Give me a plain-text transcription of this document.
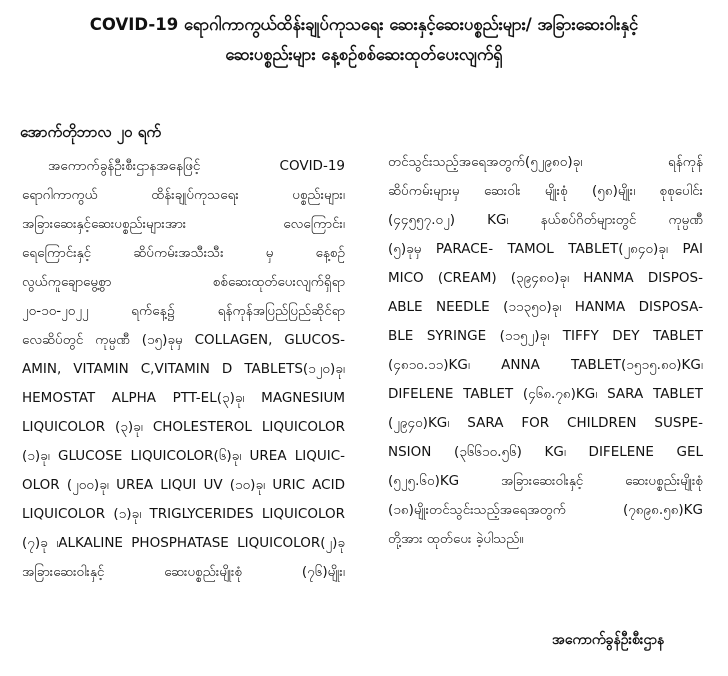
COVID-19 ရောဂါကာကွယ်ထိန်းချုပ်ကုသရေး ဆေးနှင့်ဆေးပစ္စည်းများ/ အခြားဆေးဝါးနှင့်
ဆေးပစ္စည်းများ နေ့စဉ်စစ်ဆေးထုတ်ပေးလျက်ရှိ
အောက်တိုဘာလ ၂၀ ရက်
အကောက်ခွန်ဦးစီးဌာနအနေဖြင့် COVID-19
ရောဂါကာကွယ် ထိန်းချုပ်ကုသရေး ပစ္စည်းများ၊
အခြားဆေးနှင့်ဆေးပစ္စည်းများအား လေကြောင်း၊
ရေကြောင်းနှင့် ဆိပ်ကမ်းအသီးသီး မှ နေ့စဉ်
လွယ်ကူချောမွေ့စွာ စစ်ဆေးထုတ်ပေးလျက်ရှိရာ
၂၀-၁၀-၂၀၂၂ ရက်နေ့၌ ရန်ကုန်အပြည်ပြည်ဆိုင်ရာ
လေဆိပ်တွင် ကုမ္ပဏီ (၁၅)ခုမှ COLLAGEN, GLUCOS-
AMIN, VITAMIN C,VITAMIN D TABLETS(၁၂၀)ခု၊
HEMOSTAT ALPHA PTT-EL(၃)ခု၊ MAGNESIUM
LIQUICOLOR (၃)ခု၊ CHOLESTEROL LIQUICOLOR
(၁)ခု၊ GLUCOSE LIQUICOLOR(၆)ခု၊ UREA LIQUIC-
OLOR (၂၀၀)ခု၊ UREA LIQUI UV (၁၀)ခု၊ URIC ACID
LIQUICOLOR (၁)ခု၊ TRIGLYCERIDES LIQUICOLOR
(၇)ခု ၊ALKALINE PHOSPHATASE LIQUICOLOR(၂)ခု
အခြားဆေးဝါးနှင့် ဆေးပစ္စည်းမျိုးစုံ (၇၆)မျိုး၊
တင်သွင်းသည့်အရေအတွက်(၅၂၉၈၀)ခု၊ ရန်ကုန်
ဆိပ်ကမ်းများမှ ဆေးဝါး မျိုးစုံ (၅၈)မျိုး၊ စုစုပေါင်း
(၄၄၅၅၇.၀၂) KG၊ နယ်စပ်ဂိတ်များတွင် ကုမ္ပဏီ
(၅)ခုမှ PARACE- TAMOL TABLET(၂၈၄၀)ခု၊ PAI
MICO (CREAM) (၃၉၄၈၀)ခု၊ HANMA DISPOS-
ABLE NEEDLE (၁၁၃၅၀)ခု၊ HANMA DISPOSA-
BLE SYRINGE (၁၁၅၂)ခု၊ TIFFY DEY TABLET
(၄၈၁၀.၁၁)KG၊ ANNA TABLET(၁၅၁၅.၈၀)KG၊
DIFELENE TABLET (၄၆၈.၇၈)KG၊ SARA TABLET
(၂၉၄၀)KG၊ SARA FOR CHILDREN SUSPE-
NSION (၃၆၆၁၀.၅၆) KG၊ DIFELENE GEL
(၅၂၅.၆၀)KG အခြားဆေးဝါးနှင့် ဆေးပစ္စည်းမျိုးစုံ
(၁၈)မျိုးတင်သွင်းသည့်အရေအတွက် (၇၈၉၈.၅၈)KG
တို့အား ထုတ်ပေး ခဲ့ပါသည်။
အကောက်ခွန်ဦးစီးဌာန
